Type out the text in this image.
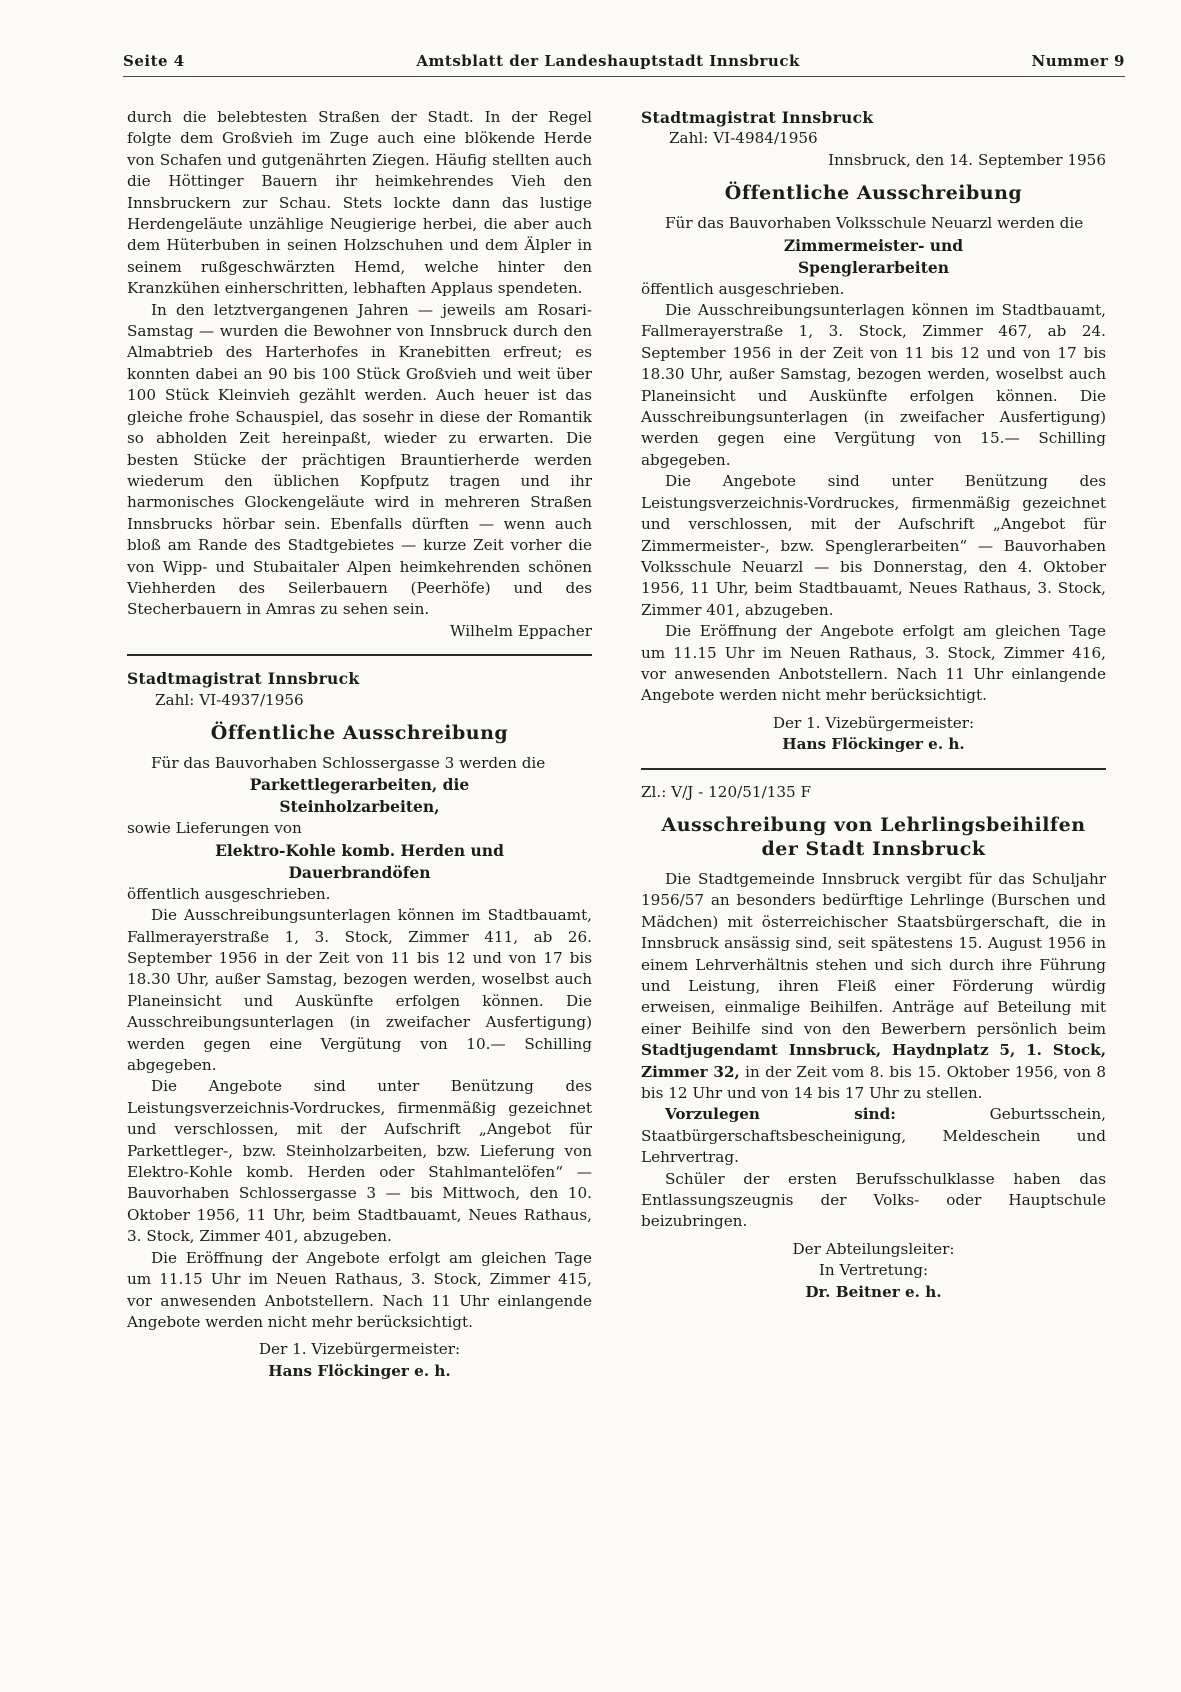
Seite 4	Amtsblatt der Landeshauptstadt Innsbruck	Nummer 9

durch die belebtesten Straßen der Stadt. In der Regel folgte dem Großvieh im Zuge auch eine blökende Herde von Schafen und gutgenährten Ziegen. Häufig stellten auch die Höttinger Bauern ihr heimkehrendes Vieh den Innsbruckern zur Schau. Stets lockte dann das lustige Herdengeläute unzählige Neugierige herbei, die aber auch dem Hüterbuben in seinen Holzschuhen und dem Älpler in seinem rußgeschwärzten Hemd, welche hinter den Kranzkühen einherschritten, lebhaften Applaus spendeten.

In den letztvergangenen Jahren — jeweils am Rosari-Samstag — wurden die Bewohner von Innsbruck durch den Almabtrieb des Harterhofes in Kranebitten erfreut; es konnten dabei an 90 bis 100 Stück Großvieh und weit über 100 Stück Kleinvieh gezählt werden. Auch heuer ist das gleiche frohe Schauspiel, das sosehr in diese der Romantik so abholden Zeit hereinpaßt, wieder zu erwarten. Die besten Stücke der prächtigen Brauntierherde werden wiederum den üblichen Kopfputz tragen und ihr harmonisches Glockengeläute wird in mehreren Straßen Innsbrucks hörbar sein. Ebenfalls dürften — wenn auch bloß am Rande des Stadtgebietes — kurze Zeit vorher die von Wipp- und Stubaitaler Alpen heimkehrenden schönen Viehherden des Seilerbauern (Peerhöfe) und des Stecherbauern in Amras zu sehen sein.

Wilhelm Eppacher

Stadtmagistrat Innsbruck

Zahl: VI-4937/1956

Öffentliche Ausschreibung

Für das Bauvorhaben Schlossergasse 3 werden die

Parkettlegerarbeiten, die
Steinholzarbeiten,

sowie Lieferungen von

Elektro-Kohle komb. Herden und
Dauerbrandöfen

öffentlich ausgeschrieben.

Die Ausschreibungsunterlagen können im Stadtbauamt, Fallmerayerstraße 1, 3. Stock, Zimmer 411, ab 26. September 1956 in der Zeit von 11 bis 12 und von 17 bis 18.30 Uhr, außer Samstag, bezogen werden, woselbst auch Planeinsicht und Auskünfte erfolgen können. Die Ausschreibungsunterlagen (in zweifacher Ausfertigung) werden gegen eine Vergütung von 10.— Schilling abgegeben.

Die Angebote sind unter Benützung des Leistungsverzeichnis-Vordruckes, firmenmäßig gezeichnet und verschlossen, mit der Aufschrift „Angebot für Parkettleger-, bzw. Steinholzarbeiten, bzw. Lieferung von Elektro-Kohle komb. Herden oder Stahlmantelöfen“ — Bauvorhaben Schlossergasse 3 — bis Mittwoch, den 10. Oktober 1956, 11 Uhr, beim Stadtbauamt, Neues Rathaus, 3. Stock, Zimmer 401, abzugeben.

Die Eröffnung der Angebote erfolgt am gleichen Tage um 11.15 Uhr im Neuen Rathaus, 3. Stock, Zimmer 415, vor anwesenden Anbotstellern. Nach 11 Uhr einlangende Angebote werden nicht mehr berücksichtigt.

Der 1. Vizebürgermeister:

Hans Flöckinger e. h.

Stadtmagistrat Innsbruck

Zahl: VI-4984/1956

Innsbruck, den 14. September 1956

Öffentliche Ausschreibung

Für das Bauvorhaben Volksschule Neuarzl werden die

Zimmermeister- und
Spenglerarbeiten

öffentlich ausgeschrieben.

Die Ausschreibungsunterlagen können im Stadtbauamt, Fallmerayerstraße 1, 3. Stock, Zimmer 467, ab 24. September 1956 in der Zeit von 11 bis 12 und von 17 bis 18.30 Uhr, außer Samstag, bezogen werden, woselbst auch Planeinsicht und Auskünfte erfolgen können. Die Ausschreibungsunterlagen (in zweifacher Ausfertigung) werden gegen eine Vergütung von 15.— Schilling abgegeben.

Die Angebote sind unter Benützung des Leistungsverzeichnis-Vordruckes, firmenmäßig gezeichnet und verschlossen, mit der Aufschrift „Angebot für Zimmermeister-, bzw. Spenglerarbeiten“ — Bauvorhaben Volksschule Neuarzl — bis Donnerstag, den 4. Oktober 1956, 11 Uhr, beim Stadtbauamt, Neues Rathaus, 3. Stock, Zimmer 401, abzugeben.

Die Eröffnung der Angebote erfolgt am gleichen Tage um 11.15 Uhr im Neuen Rathaus, 3. Stock, Zimmer 416, vor anwesenden Anbotstellern. Nach 11 Uhr einlangende Angebote werden nicht mehr berücksichtigt.

Der 1. Vizebürgermeister:

Hans Flöckinger e. h.

Zl.: V/J - 120/51/135 F

Ausschreibung von Lehrlingsbeihilfen
der Stadt Innsbruck

Die Stadtgemeinde Innsbruck vergibt für das Schuljahr 1956/57 an besonders bedürftige Lehrlinge (Burschen und Mädchen) mit österreichischer Staatsbürgerschaft, die in Innsbruck ansässig sind, seit spätestens 15. August 1956 in einem Lehrverhältnis stehen und sich durch ihre Führung und Leistung, ihren Fleiß einer Förderung würdig erweisen, einmalige Beihilfen. Anträge auf Beteilung mit einer Beihilfe sind von den Bewerbern persönlich beim Stadtjugendamt Innsbruck, Haydnplatz 5, 1. Stock, Zimmer 32, in der Zeit vom 8. bis 15. Oktober 1956, von 8 bis 12 Uhr und von 14 bis 17 Uhr zu stellen.

Vorzulegen sind:	Geburtsschein, Staatbürgerschaftsbescheinigung, Meldeschein und Lehrvertrag.

Schüler der ersten Berufsschulklasse haben das Entlassungszeugnis der Volks- oder Hauptschule beizubringen.

Der Abteilungsleiter:

In Vertretung:

Dr. Beitner e. h.
